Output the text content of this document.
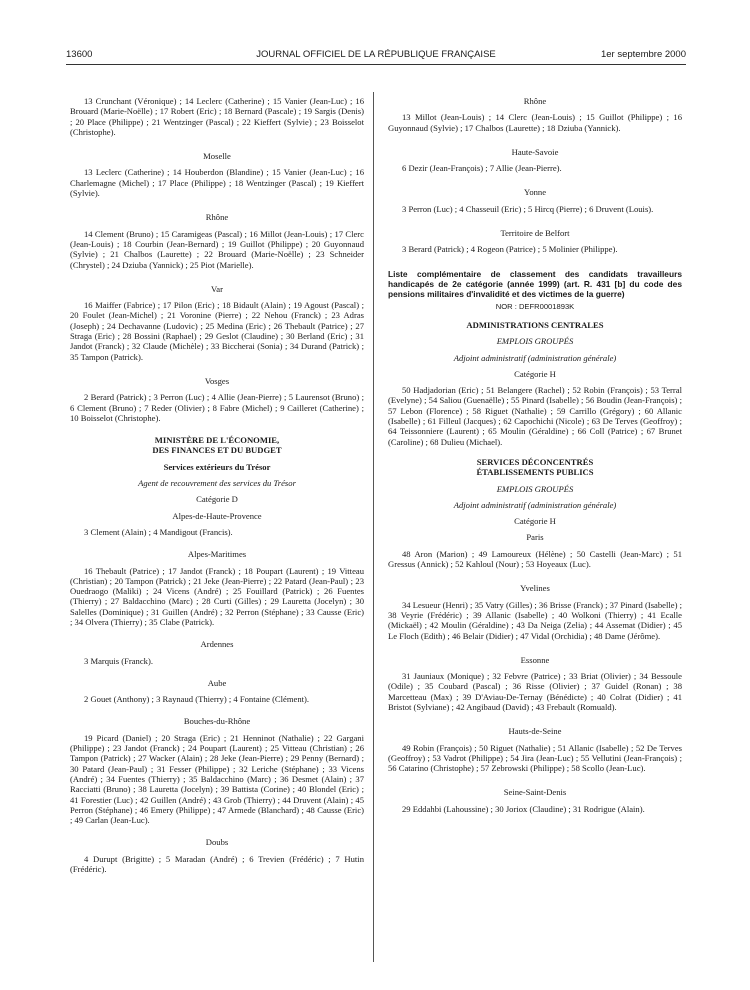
13600	JOURNAL OFFICIEL DE LA RÉPUBLIQUE FRANÇAISE	1er septembre 2000

13 Crunchant (Véronique) ; 14 Leclerc (Catherine) ; 15 Vanier (Jean-Luc) ; 16 Brouard (Marie-Noëlle) ; 17 Robert (Eric) ; 18 Bernard (Pascale) ; 19 Sargis (Denis) ; 20 Place (Philippe) ; 21 Wentzinger (Pascal) ; 22 Kieffert (Sylvie) ; 23 Boisselot (Christophe).

Moselle

13 Leclerc (Catherine) ; 14 Houberdon (Blandine) ; 15 Vanier (Jean-Luc) ; 16 Charlemagne (Michel) ; 17 Place (Philippe) ; 18 Wentzinger (Pascal) ; 19 Kieffert (Sylvie).

Rhône

14 Clement (Bruno) ; 15 Caramigeas (Pascal) ; 16 Millot (Jean-Louis) ; 17 Clerc (Jean-Louis) ; 18 Courbin (Jean-Bernard) ; 19 Guillot (Philippe) ; 20 Guyonnaud (Sylvie) ; 21 Chalbos (Laurette) ; 22 Brouard (Marie-Noëlle) ; 23 Schneider (Chrystel) ; 24 Dziuba (Yannick) ; 25 Piot (Marielle).

Var

16 Maiffer (Fabrice) ; 17 Pilon (Eric) ; 18 Bidault (Alain) ; 19 Agoust (Pascal) ; 20 Foulet (Jean-Michel) ; 21 Voronine (Pierre) ; 22 Nehou (Franck) ; 23 Adras (Joseph) ; 24 Dechavanne (Ludovic) ; 25 Medina (Eric) ; 26 Thebault (Patrice) ; 27 Straga (Eric) ; 28 Bossini (Raphael) ; 29 Geslot (Claudine) ; 30 Berland (Eric) ; 31 Jandot (Franck) ; 32 Claude (Michèle) ; 33 Biccherai (Sonia) ; 34 Durand (Patrick) ; 35 Tampon (Patrick).

Vosges

2 Berard (Patrick) ; 3 Perron (Luc) ; 4 Allie (Jean-Pierre) ; 5 Laurensot (Bruno) ; 6 Clement (Bruno) ; 7 Reder (Olivier) ; 8 Fabre (Michel) ; 9 Cailleret (Catherine) ; 10 Boisselot (Christophe).

MINISTÈRE DE L'ÉCONOMIE,
DES FINANCES ET DU BUDGET
Services extérieurs du Trésor
Agent de recouvrement des services du Trésor
Catégorie D
Alpes-de-Haute-Provence

3 Clement (Alain) ; 4 Mandigout (Francis).

Alpes-Maritimes

16 Thebault (Patrice) ; 17 Jandot (Franck) ; 18 Poupart (Laurent) ; 19 Vitteau (Christian) ; 20 Tampon (Patrick) ; 21 Jeke (Jean-Pierre) ; 22 Patard (Jean-Paul) ; 23 Ouedraogo (Maliki) ; 24 Vicens (André) ; 25 Fouillard (Patrick) ; 26 Fuentes (Thierry) ; 27 Baldacchino (Marc) ; 28 Curti (Gilles) ; 29 Lauretta (Jocelyn) ; 30 Salelles (Dominique) ; 31 Guillen (André) ; 32 Perron (Stéphane) ; 33 Causse (Eric) ; 34 Olvera (Thierry) ; 35 Clabe (Patrick).

Ardennes

3 Marquis (Franck).

Aube

2 Gouet (Anthony) ; 3 Raynaud (Thierry) ; 4 Fontaine (Clément).

Bouches-du-Rhône

19 Picard (Daniel) ; 20 Straga (Eric) ; 21 Henninot (Nathalie) ; 22 Gargani (Philippe) ; 23 Jandot (Franck) ; 24 Poupart (Laurent) ; 25 Vitteau (Christian) ; 26 Tampon (Patrick) ; 27 Wacker (Alain) ; 28 Jeke (Jean-Pierre) ; 29 Penny (Bernard) ; 30 Patard (Jean-Paul) ; 31 Fesser (Philippe) ; 32 Leriche (Stéphane) ; 33 Vicens (André) ; 34 Fuentes (Thierry) ; 35 Baldacchino (Marc) ; 36 Desmet (Alain) ; 37 Racciatti (Bruno) ; 38 Lauretta (Jocelyn) ; 39 Battista (Corine) ; 40 Blondel (Eric) ; 41 Forestier (Luc) ; 42 Guillen (André) ; 43 Grob (Thierry) ; 44 Druvent (Alain) ; 45 Perron (Stéphane) ; 46 Emery (Philippe) ; 47 Armede (Blanchard) ; 48 Causse (Eric) ; 49 Carlan (Jean-Luc).

Doubs

4 Durupt (Brigitte) ; 5 Maradan (André) ; 6 Trevien (Frédéric) ; 7 Hutin (Frédéric).

Rhône

13 Millot (Jean-Louis) ; 14 Clerc (Jean-Louis) ; 15 Guillot (Philippe) ; 16 Guyonnaud (Sylvie) ; 17 Chalbos (Laurette) ; 18 Dziuba (Yannick).

Haute-Savoie

6 Dezir (Jean-François) ; 7 Allie (Jean-Pierre).

Yonne

3 Perron (Luc) ; 4 Chasseuil (Eric) ; 5 Hircq (Pierre) ; 6 Druvent (Louis).

Territoire de Belfort

3 Berard (Patrick) ; 4 Rogeon (Patrice) ; 5 Molinier (Philippe).

Liste complémentaire de classement des candidats travailleurs handicapés de 2e catégorie (année 1999) (art. R. 431 [b] du code des pensions militaires d'invalidité et des victimes de la guerre)
NOR : DEFR0001893K
ADMINISTRATIONS CENTRALES
EMPLOIS GROUPÉS
Adjoint administratif (administration générale)
Catégorie H

50 Hadjadorian (Eric) ; 51 Belangere (Rachel) ; 52 Robin (François) ; 53 Terral (Evelyne) ; 54 Saliou (Guenaëlle) ; 55 Pinard (Isabelle) ; 56 Boudin (Jean-François) ; 57 Lebon (Florence) ; 58 Riguet (Nathalie) ; 59 Carrillo (Grégory) ; 60 Allanic (Isabelle) ; 61 Filleul (Jacques) ; 62 Capochichi (Nicole) ; 63 De Terves (Geoffroy) ; 64 Teissonniere (Laurent) ; 65 Moulin (Géraldine) ; 66 Coll (Patrice) ; 67 Brunet (Caroline) ; 68 Dulieu (Michael).

SERVICES DÉCONCENTRÉS
ÉTABLISSEMENTS PUBLICS
EMPLOIS GROUPÉS
Adjoint administratif (administration générale)
Catégorie H
Paris

48 Aron (Marion) ; 49 Lamoureux (Hélène) ; 50 Castelli (Jean-Marc) ; 51 Gressus (Annick) ; 52 Kahloul (Nour) ; 53 Hoyeaux (Luc).

Yvelines

34 Lesueur (Henri) ; 35 Vatry (Gilles) ; 36 Brisse (Franck) ; 37 Pinard (Isabelle) ; 38 Veyrie (Frédéric) ; 39 Allanic (Isabelle) ; 40 Wolkoni (Thierry) ; 41 Ecalle (Mickaël) ; 42 Moulin (Géraldine) ; 43 Da Neiga (Zelia) ; 44 Assemat (Didier) ; 45 Le Floch (Edith) ; 46 Belair (Didier) ; 47 Vidal (Orchidia) ; 48 Dame (Jérôme).

Essonne

31 Jauniaux (Monique) ; 32 Febvre (Patrice) ; 33 Briat (Olivier) ; 34 Bessoule (Odile) ; 35 Coubard (Pascal) ; 36 Risse (Olivier) ; 37 Guidel (Ronan) ; 38 Marcetteau (Max) ; 39 D'Aviau-De-Ternay (Bénédicte) ; 40 Colrat (Didier) ; 41 Bristot (Sylviane) ; 42 Angibaud (David) ; 43 Frebault (Romuald).

Hauts-de-Seine

49 Robin (François) ; 50 Riguet (Nathalie) ; 51 Allanic (Isabelle) ; 52 De Terves (Geoffroy) ; 53 Vadrot (Philippe) ; 54 Jira (Jean-Luc) ; 55 Vellutini (Jean-François) ; 56 Catarino (Christophe) ; 57 Zebrowski (Philippe) ; 58 Scollo (Jean-Luc).

Seine-Saint-Denis

29 Eddahbi (Lahoussine) ; 30 Joriox (Claudine) ; 31 Rodrigue (Alain).
